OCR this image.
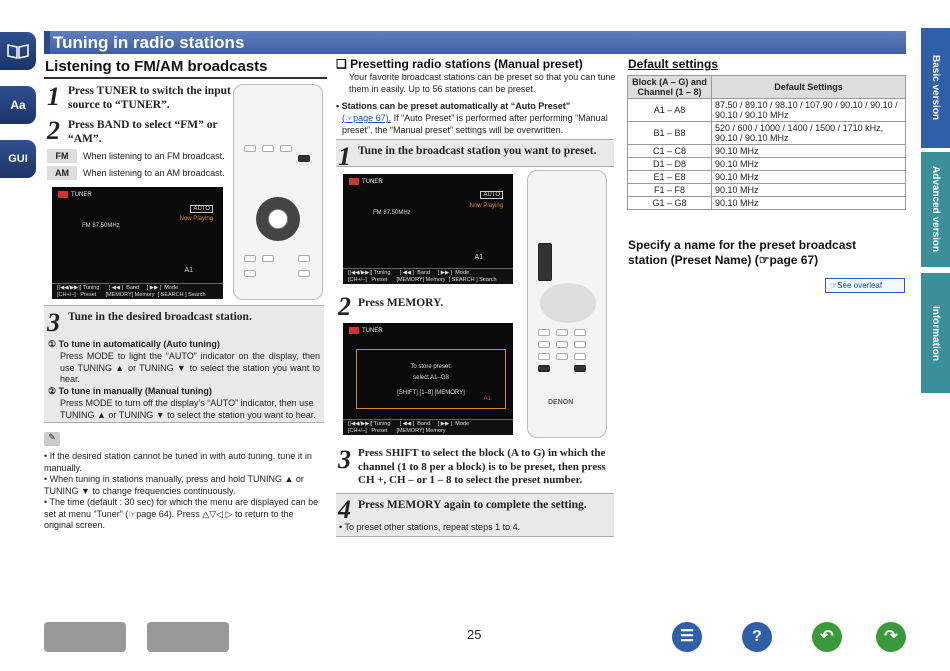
Tuning in radio stations
Aa
GUI
Basic version
Advanced version
Information
Listening to FM/AM broadcasts
1 Press TUNER to switch the input source to “TUNER”.
2 Press BAND to select “FM” or “AM”.
FM When listening to an FM broadcast.
AM When listening to an AM broadcast.
TUNER
AUTO
Now Playing
FM 87.50MHz
A1
[|◀◀/▶▶|] Tuning      [ ◀◀ ]  Band     [ ▶▶ ]  Mode
[CH+/–]   Preset      [MEMORY] Memory  [ SEARCH ] Search
3 Tune in the desired broadcast station.
① To tune in automatically (Auto tuning)
Press MODE to light the “AUTO” indicator on the display, then use TUNING ▲ or TUNING ▼ to select the station you want to hear.
② To tune in manually (Manual tuning)
Press MODE to turn off the display’s “AUTO” indicator, then use TUNING ▲ or TUNING ▼ to select the station you want to hear.
✎
• If the desired station cannot be tuned in with auto tuning, tune it in manually.
• When tuning in stations manually, press and hold TUNING ▲ or TUNING ▼ to change frequencies continuously.
• The time (default : 30 sec) for which the menu are displayed can be set at menu “Tuner” (☞page 64). Press △▽◁ ▷ to return to the original screen.
❑ Presetting radio stations (Manual preset)
Your favorite broadcast stations can be preset so that you can tune them in easily. Up to 56 stations can be preset.
• Stations can be preset automatically at “Auto Preset”
(☞page 67). If “Auto Preset” is performed after performing “Manual preset”, the “Manual preset” settings will be overwritten.
1 Tune in the broadcast station you want to preset.
TUNER
AUTO
Now Playing
FM 87.50MHz
A1
[|◀◀/▶▶|] Tuning      [ ◀◀ ]  Band     [ ▶▶ ]  Mode
[CH+/–]   Preset      [MEMORY] Memory  [ SEARCH ] Search
2 Press MEMORY.
TUNER
To store preset:
select A1–G8
[SHIFT] [1–8] [MEMORY]
A1
[|◀◀/▶▶|] Tuning      [ ◀◀ ]  Band     [ ▶▶ ]  Mode
[CH+/–]   Preset      [MEMORY] Memory
DENON
3 Press SHIFT to select the block (A to G) in which the channel (1 to 8 per a block) is to be preset, then press CH +, CH – or 1 – 8 to select the preset number.
4 Press MEMORY again to complete the setting.
• To preset other stations, repeat steps 1 to 4.
Default settings
Block (A – G) and Channel (1 – 8)	Default Settings
A1 – A8	87.50 / 89.10 / 98.10 / 107.90 / 90.10 / 90.10 / 90.10 / 90.10 MHz
B1 – B8	520 / 600 / 1000 / 1400 / 1500 / 1710 kHz, 90.10 / 90.10 MHz
C1 – C8	90.10 MHz
D1 – D8	90.10 MHz
E1 – E8	90.10 MHz
F1 – F8	90.10 MHz
G1 – G8	90.10 MHz
Specify a name for the preset broadcast station (Preset Name) (☞page 67)
☞See overleaf
25	☰	?	↶	↷
